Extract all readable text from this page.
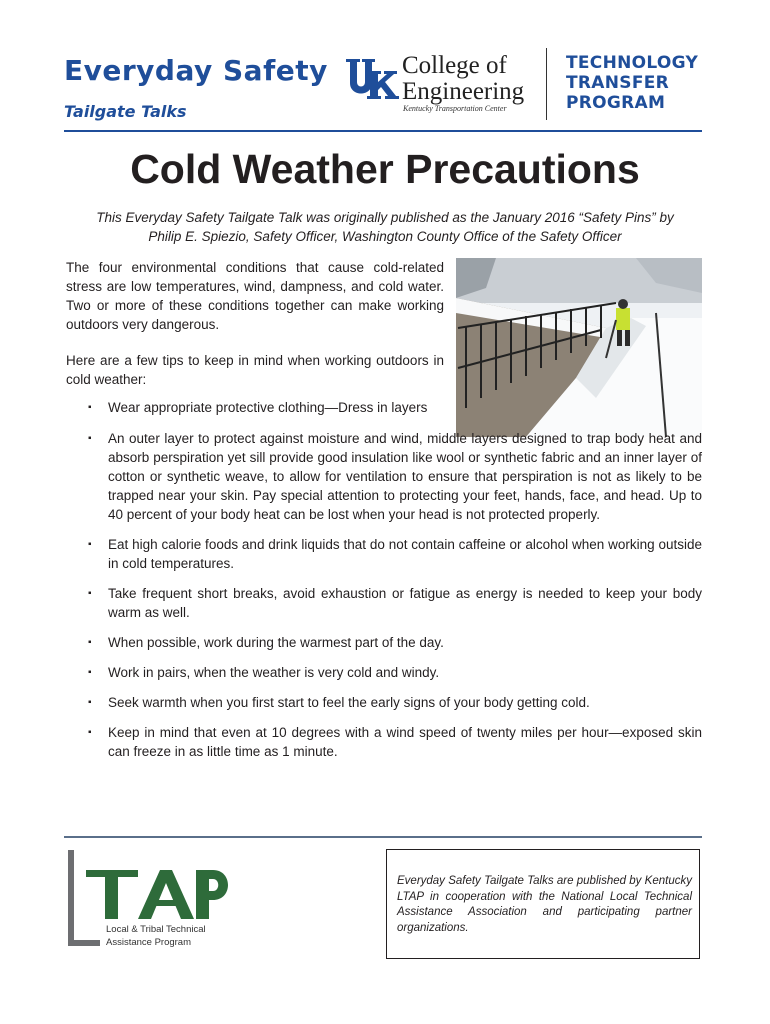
Everyday Safety
Tailgate Talks
College of
Engineering
Kentucky Transportation Center
TECHNOLOGY
TRANSFER
PROGRAM
Cold Weather Precautions
This Everyday Safety Tailgate Talk was originally published as the January 2016 “Safety Pins” by
Philip E. Spiezio, Safety Officer, Washington County Office of the Safety Officer
The four environmental conditions that cause cold-related stress are low temperatures, wind, dampness, and cold water. Two or more of these conditions together can make working outdoors very dangerous.
Here are a few tips to keep in mind when working outdoors in cold weather:
▪ Wear appropriate protective clothing—Dress in layers
▪ An outer layer to protect against moisture and wind, middle layers designed to trap body heat and absorb perspiration yet sill provide good insulation like wool or synthetic fabric and an inner layer of cotton or synthetic weave, to allow for ventilation to ensure that perspiration is not as likely to be trapped near your skin. Pay special attention to protecting your feet, hands, face, and head. Up to 40 percent of your body heat can be lost when your head is not protected properly.
▪ Eat high calorie foods and drink liquids that do not contain caffeine or alcohol when working outside in cold temperatures.
▪ Take frequent short breaks, avoid exhaustion or fatigue as energy is needed to keep your body warm as well.
▪ When possible, work during the warmest part of the day.
▪ Work in pairs, when the weather is very cold and windy.
▪ Seek warmth when you first start to feel the early signs of your body getting cold.
▪ Keep in mind that even at 10 degrees with a wind speed of twenty miles per hour—exposed skin can freeze in as little time as 1 minute.
Local & Tribal Technical
Assistance Program
Everyday Safety Tailgate Talks are published by Kentucky LTAP in cooperation with the National Local Technical Assistance Association and participating partner organizations.
